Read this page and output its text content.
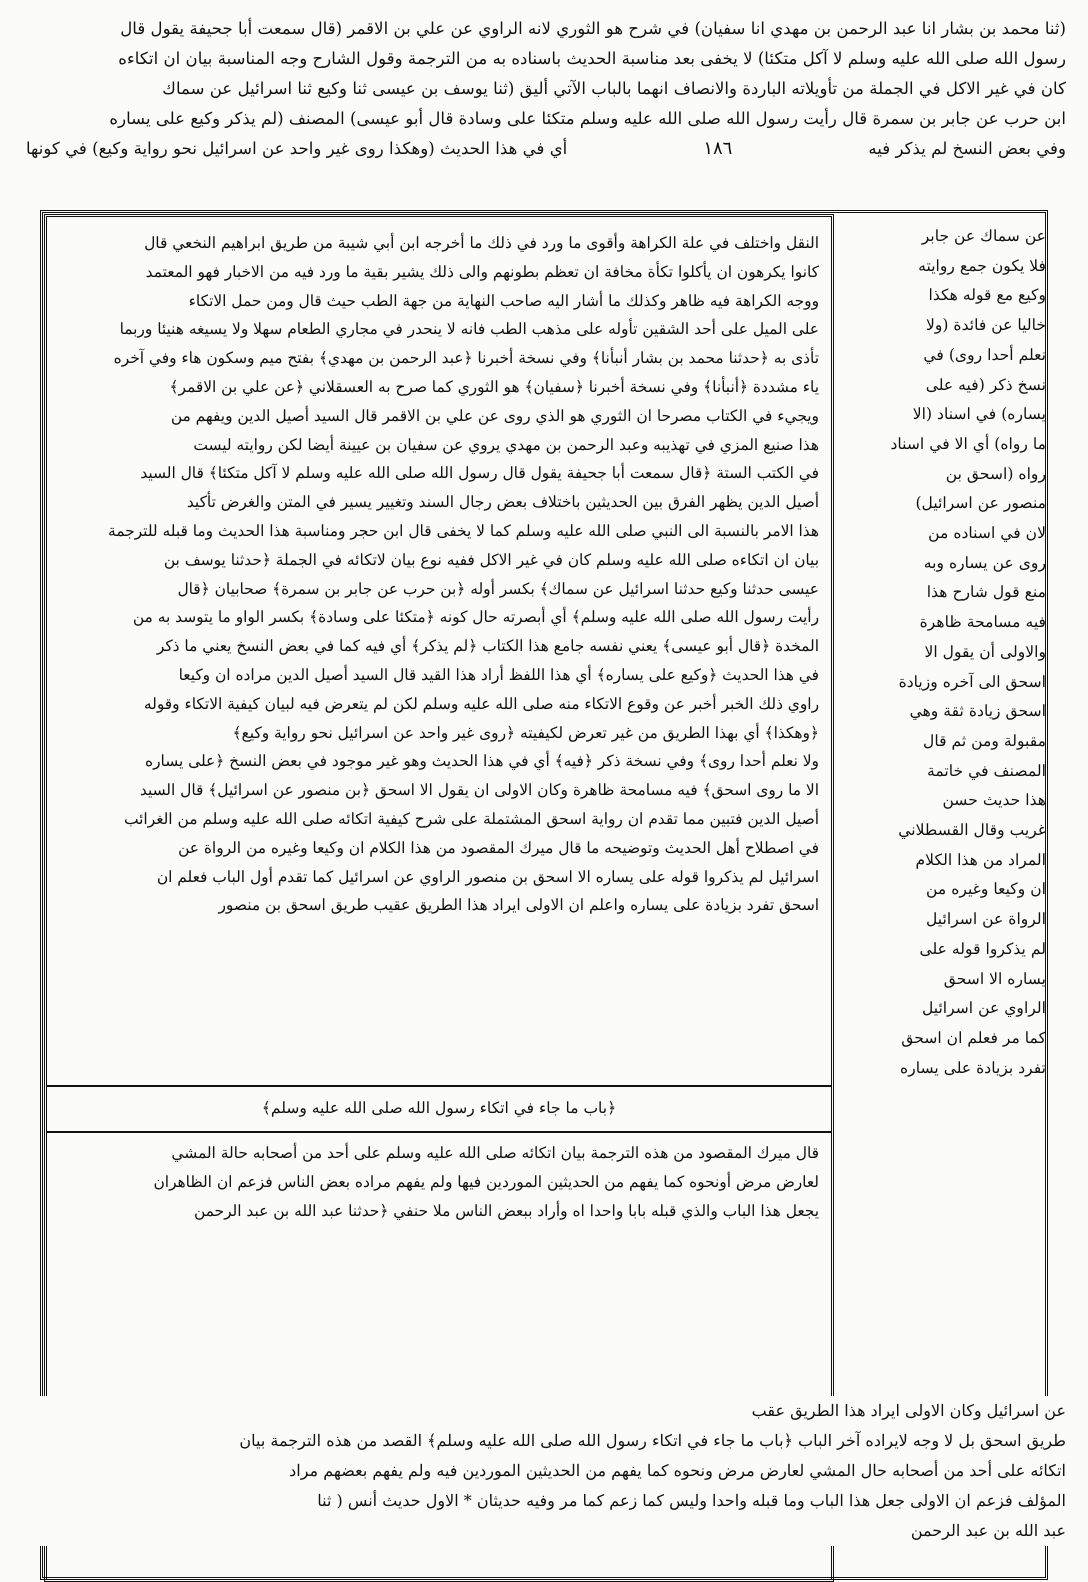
(ثنا محمد بن بشار انا عبد الرحمن بن مهدي انا سفيان) في شرح هو الثوري لانه الراوي عن علي بن الاقمر (قال سمعت أبا جحيفة يقول قال
رسول الله صلى الله عليه وسلم لا آكل متكئا) لا يخفى بعد مناسبة الحديث باسناده به من الترجمة وقول الشارح وجه المناسبة بيان ان اتكاءه
كان في غير الاكل في الجملة من تأويلاته الباردة والانصاف انهما بالباب الآتي أليق (ثنا يوسف بن عيسى ثنا وكيع ثنا اسرائيل عن سماك
ابن حرب عن جابر بن سمرة قال رأيت رسول الله صلى الله عليه وسلم متكئا على وسادة قال أبو عيسى) المصنف (لم يذكر وكيع على يساره
وفي بعض النسخ لم يذكر فيه
١٨٦
أي في هذا الحديث (وهكذا روى غير واحد عن اسرائيل نحو رواية وكيع) في كونها
النقل واختلف في علة الكراهة وأقوى ما ورد في ذلك ما أخرجه ابن أبي شيبة من طريق ابراهيم النخعي قال
كانوا يكرهون ان يأكلوا تكأة مخافة ان تعظم بطونهم والى ذلك يشير بقية ما ورد فيه من الاخبار فهو المعتمد
ووجه الكراهة فيه ظاهر وكذلك ما أشار اليه صاحب النهاية من جهة الطب حيث قال ومن حمل الاتكاء
على الميل على أحد الشقين تأوله على مذهب الطب فانه لا ينحدر في مجاري الطعام سهلا ولا يسيغه هنيئا وربما
تأذى به ﴿حدثنا محمد بن بشار أنبأنا﴾ وفي نسخة أخبرنا ﴿عبد الرحمن بن مهدي﴾ بفتح ميم وسكون هاء وفي آخره
ياء مشددة ﴿أنبأنا﴾ وفي نسخة أخبرنا ﴿سفيان﴾ هو الثوري كما صرح به العسقلاني ﴿عن علي بن الاقمر﴾
ويجيء في الكتاب مصرحا ان الثوري هو الذي روى عن علي بن الاقمر قال السيد أصيل الدين ويفهم من
هذا صنيع المزي في تهذيبه وعبد الرحمن بن مهدي يروي عن سفيان بن عيينة أيضا لكن روايته ليست
في الكتب الستة ﴿قال سمعت أبا جحيفة يقول قال رسول الله صلى الله عليه وسلم لا آكل متكئا﴾ قال السيد
أصيل الدين يظهر الفرق بين الحديثين باختلاف بعض رجال السند وتغيير يسير في المتن والغرض تأكيد
هذا الامر بالنسبة الى النبي صلى الله عليه وسلم كما لا يخفى قال ابن حجر ومناسبة هذا الحديث وما قبله للترجمة
بيان ان اتكاءه صلى الله عليه وسلم كان في غير الاكل ففيه نوع بيان لاتكائه في الجملة ﴿حدثنا يوسف بن
عيسى حدثنا وكيع حدثنا اسرائيل عن سماك﴾ بكسر أوله ﴿بن حرب عن جابر بن سمرة﴾ صحابيان ﴿قال
رأيت رسول الله صلى الله عليه وسلم﴾ أي أبصرته حال كونه ﴿متكئا على وسادة﴾ بكسر الواو ما يتوسد به من
المخدة ﴿قال أبو عيسى﴾ يعني نفسه جامع هذا الكتاب ﴿لم يذكر﴾ أي فيه كما في بعض النسخ يعني ما ذكر
في هذا الحديث ﴿وكيع على يساره﴾ أي هذا اللفظ أراد هذا القيد قال السيد أصيل الدين مراده ان وكيعا
راوي ذلك الخبر أخبر عن وقوع الاتكاء منه صلى الله عليه وسلم لكن لم يتعرض فيه لبيان كيفية الاتكاء وقوله
﴿وهكذا﴾ أي بهذا الطريق من غير تعرض لكيفيته ﴿روى غير واحد عن اسرائيل نحو رواية وكيع﴾
ولا نعلم أحدا روى﴾ وفي نسخة ذكر ﴿فيه﴾ أي في هذا الحديث وهو غير موجود في بعض النسخ ﴿على يساره
الا ما روى اسحق﴾ فيه مسامحة ظاهرة وكان الاولى ان يقول الا اسحق ﴿بن منصور عن اسرائيل﴾ قال السيد
أصيل الدين فتبين مما تقدم ان رواية اسحق المشتملة على شرح كيفية اتكائه صلى الله عليه وسلم من الغرائب
في اصطلاح أهل الحديث وتوضيحه ما قال ميرك المقصود من هذا الكلام ان وكيعا وغيره من الرواة عن
اسرائيل لم يذكروا قوله على يساره الا اسحق بن منصور الراوي عن اسرائيل كما تقدم أول الباب فعلم ان
اسحق تفرد بزيادة على يساره واعلم ان الاولى ايراد هذا الطريق عقيب طريق اسحق بن منصور
﴿باب ما جاء في اتكاء رسول الله صلى الله عليه وسلم﴾
قال ميرك المقصود من هذه الترجمة بيان اتكائه صلى الله عليه وسلم على أحد من أصحابه حالة المشي
لعارض مرض أونحوه كما يفهم من الحديثين الموردين فيها ولم يفهم مراده بعض الناس فزعم ان الظاهران
يجعل هذا الباب والذي قبله بابا واحدا اه وأراد ببعض الناس ملا حنفي ﴿حدثنا عبد الله بن عبد الرحمن
عن سماك عن جابر
فلا يكون جمع روايته
وكيع مع قوله هكذا
خاليا عن فائدة (ولا
نعلم أحدا روى) في
نسخ ذكر (فيه على
يساره) في اسناد (الا
ما رواه) أي الا في اسناد
رواه (اسحق بن
منصور عن اسرائيل)
لان في اسناده من
روى عن يساره وبه
منع قول شارح هذا
فيه مسامحة ظاهرة
والاولى أن يقول الا
اسحق الى آخره وزيادة
اسحق زيادة ثقة وهي
مقبولة ومن ثم قال
المصنف في خاتمة
هذا حديث حسن
غريب وقال القسطلاني
المراد من هذا الكلام
ان وكيعا وغيره من
الرواة عن اسرائيل
لم يذكروا قوله على
يساره الا اسحق
الراوي عن اسرائيل
كما مر فعلم ان اسحق
تفرد بزيادة على يساره
عن اسرائيل وكان الاولى ايراد هذا الطريق عقب
طريق اسحق بل لا وجه لايراده آخر الباب ﴿باب ما جاء في اتكاء رسول الله صلى الله عليه وسلم﴾ القصد من هذه الترجمة بيان
اتكائه على أحد من أصحابه حال المشي لعارض مرض ونحوه كما يفهم من الحديثين الموردين فيه ولم يفهم بعضهم مراد
المؤلف فزعم ان الاولى جعل هذا الباب وما قبله واحدا وليس كما زعم كما مر وفيه حديثان * الاول حديث أنس ( ثنا
عبد الله بن عبد الرحمن
